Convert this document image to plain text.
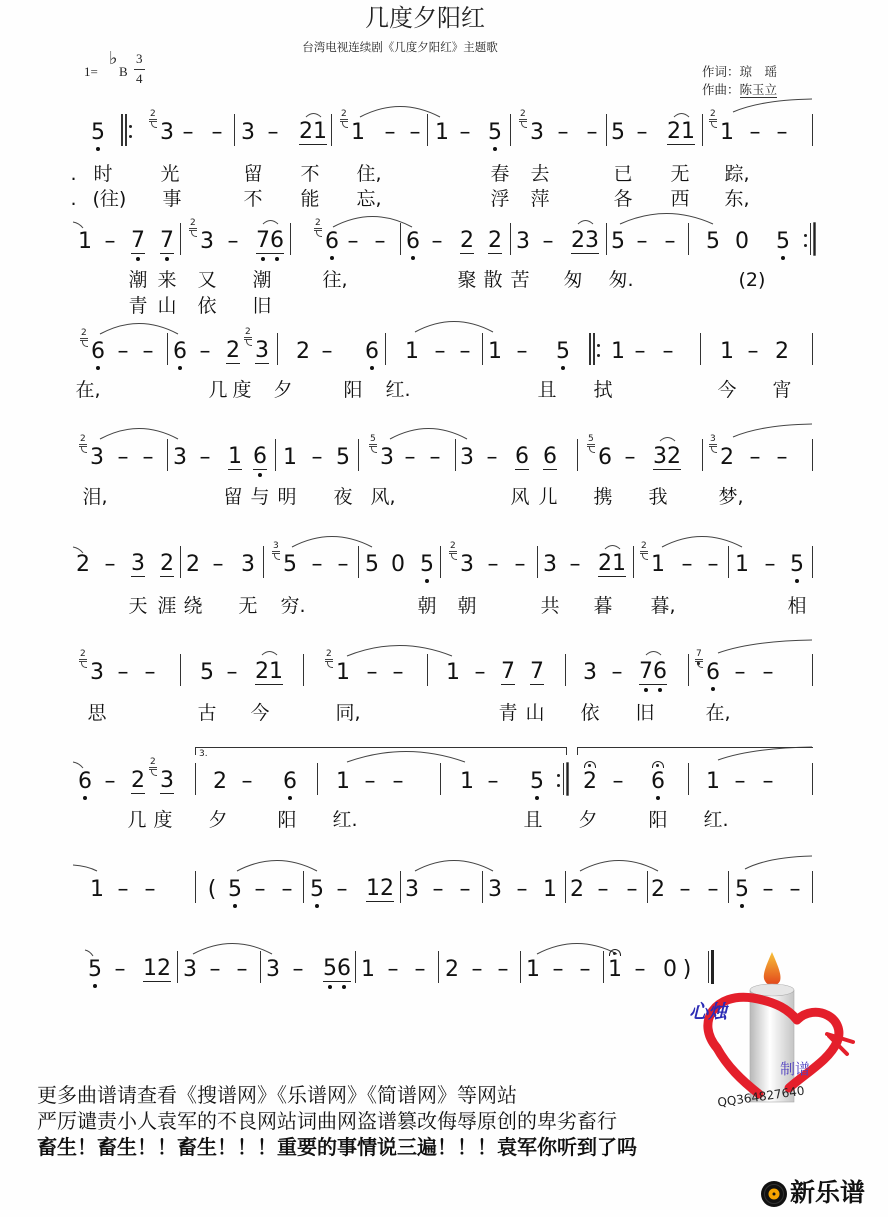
几度夕阳红
台湾电视连续剧《几度夕阳红》主题歌
1=
♭
B
3
4	作词：琼　瑶
作曲：陈玉立
5	3
2
– – 3 – 21 1
2
– – 1 – 5 3
2
– – 5 – 21 1
2
– –
. 时	光	留 不 住,	春 去	已 无 踪,
. (往) 事	不 能 忘,	浮 萍	各 西 东,
1 – 7 7 3
2
– 76 6
2
– – 6 – 2 2 3 – 23 5 – – 5 0 5
潮 来 又 潮	往,	聚 散 苦 匆 匆.	(2)
青 山 依 旧
6
2
– – 6 – 2 3
2
2 – 6 1 – – 1 – 5 1 – – 1 – 2
在,	几 度 夕	阳 红.	且 拭	今 宵
3
2
– – 3 – 1 6 1 – 5 3
5
– – 3 – 6 6 6
5
– 32 2
3
– –
泪,	留 与 明 夜 风,	风 儿 携 我	梦,
2 – 3 2 2 – 3 5
3
– – 5 0 5 3
2
– – 3 – 21 1
2
– – 1 – 5
天 涯 绕 无 穷.	朝 朝	共 暮 暮,	相
3
2
– – 5 – 21 1
2
– – 1 – 7 7 3 – 76 6
7
– –
思	古 今	同,	青 山 依 旧	在,
6 – 2 3
2
2 – 6 1 – –	1 – 5 2 – 6 1 – –
3.
几 度 夕	阳 红.	且 夕	阳 红.
1 – – ( 5 – – 5 – 12 3 – – 3 – 1 2 – – 2 – – 5 – –
5 – 12 3 – – 3 – 56 1 – – 2 – – 1 – – 1 – 0 )
心烛
制谱
QQ364827640
更多曲谱请查看《搜谱网》《乐谱网》《简谱网》等网站
严厉谴责小人袁军的不良网站词曲网盗谱篡改侮辱原创的卑劣畜行
畜生！畜生！！畜生！！！重要的事情说三遍！！！袁军你听到了吗
新乐谱
